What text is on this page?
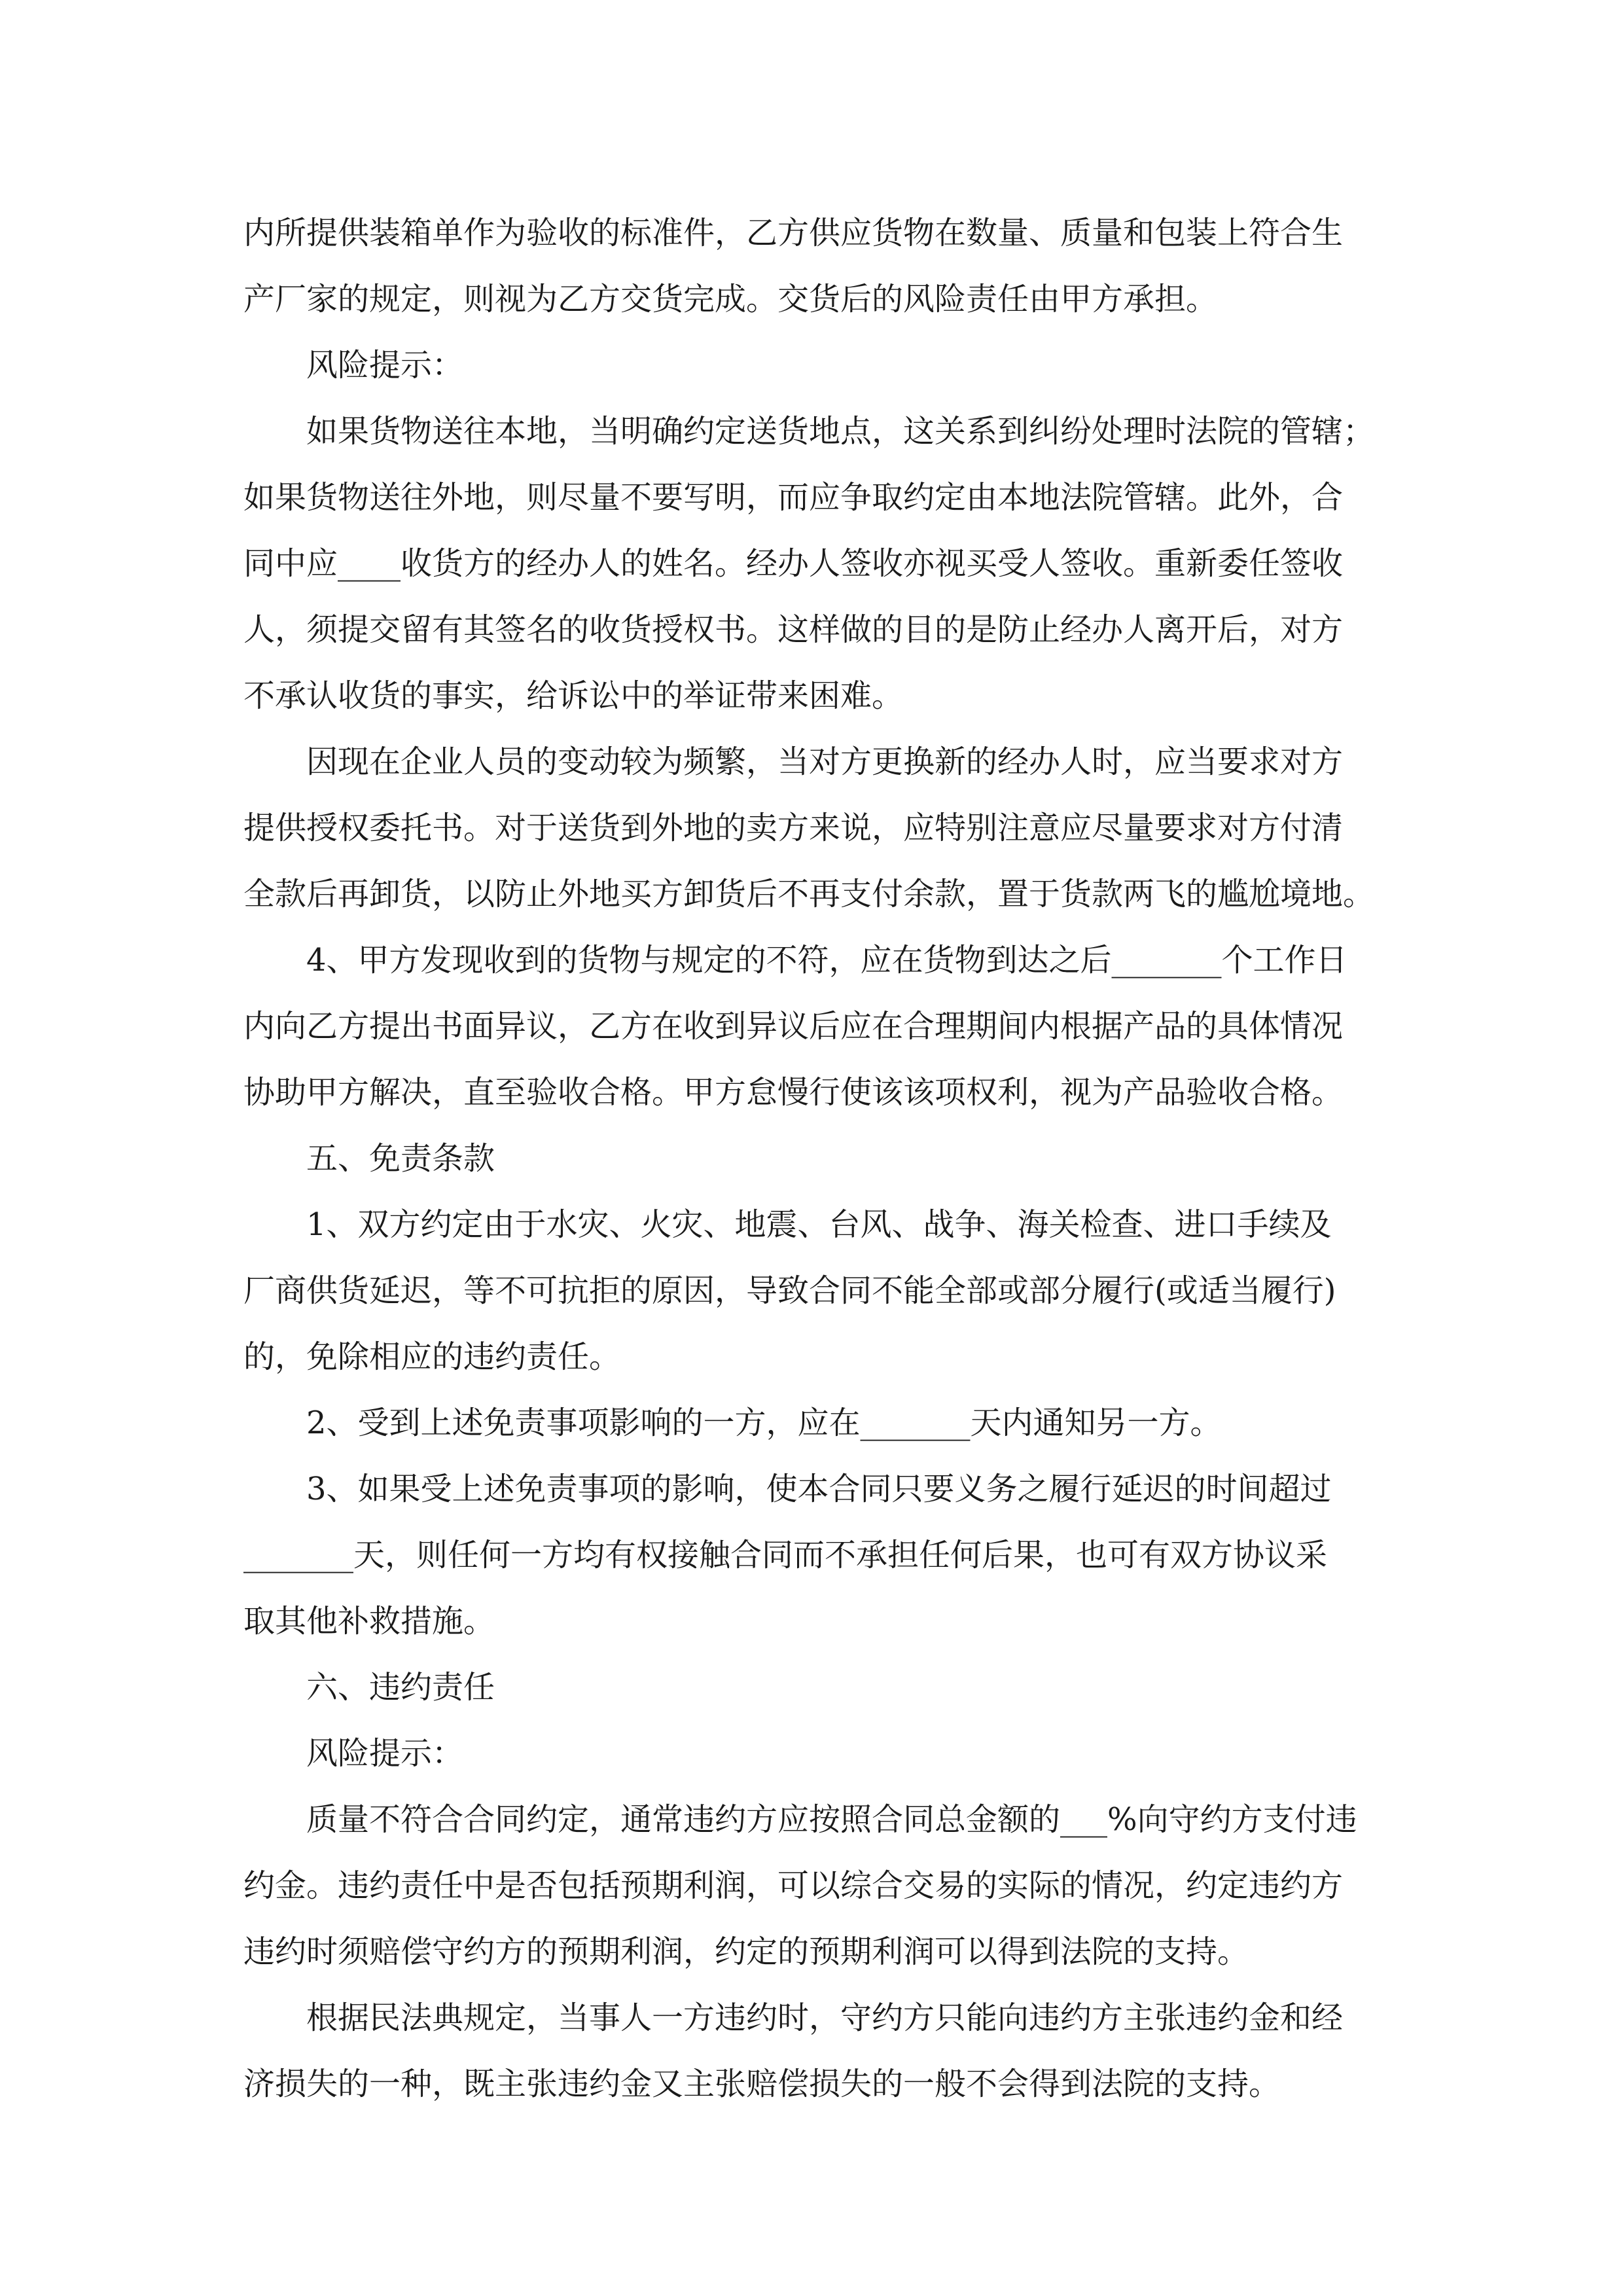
内所提供装箱单作为验收的标准件，乙方供应货物在数量、质量和包装上符合生
产厂家的规定，则视为乙方交货完成。交货后的风险责任由甲方承担。
风险提示：
如果货物送往本地，当明确约定送货地点，这关系到纠纷处理时法院的管辖；
如果货物送往外地，则尽量不要写明，而应争取约定由本地法院管辖。此外，合
同中应____收货方的经办人的姓名。经办人签收亦视买受人签收。重新委任签收
人，须提交留有其签名的收货授权书。这样做的目的是防止经办人离开后，对方
不承认收货的事实，给诉讼中的举证带来困难。
因现在企业人员的变动较为频繁，当对方更换新的经办人时，应当要求对方
提供授权委托书。对于送货到外地的卖方来说，应特别注意应尽量要求对方付清
全款后再卸货，以防止外地买方卸货后不再支付余款，置于货款两飞的尴尬境地。
4、甲方发现收到的货物与规定的不符，应在货物到达之后_______个工作日
内向乙方提出书面异议，乙方在收到异议后应在合理期间内根据产品的具体情况
协助甲方解决，直至验收合格。甲方怠慢行使该该项权利，视为产品验收合格。
五、免责条款
1、双方约定由于水灾、火灾、地震、台风、战争、海关检查、进口手续及
厂商供货延迟，等不可抗拒的原因，导致合同不能全部或部分履行(或适当履行)
的，免除相应的违约责任。
2、受到上述免责事项影响的一方，应在_______天内通知另一方。
3、如果受上述免责事项的影响，使本合同只要义务之履行延迟的时间超过
_______天，则任何一方均有权接触合同而不承担任何后果，也可有双方协议采
取其他补救措施。
六、违约责任
风险提示：
质量不符合合同约定，通常违约方应按照合同总金额的___%向守约方支付违
约金。违约责任中是否包括预期利润，可以综合交易的实际的情况，约定违约方
违约时须赔偿守约方的预期利润，约定的预期利润可以得到法院的支持。
根据民法典规定，当事人一方违约时，守约方只能向违约方主张违约金和经
济损失的一种，既主张违约金又主张赔偿损失的一般不会得到法院的支持。
